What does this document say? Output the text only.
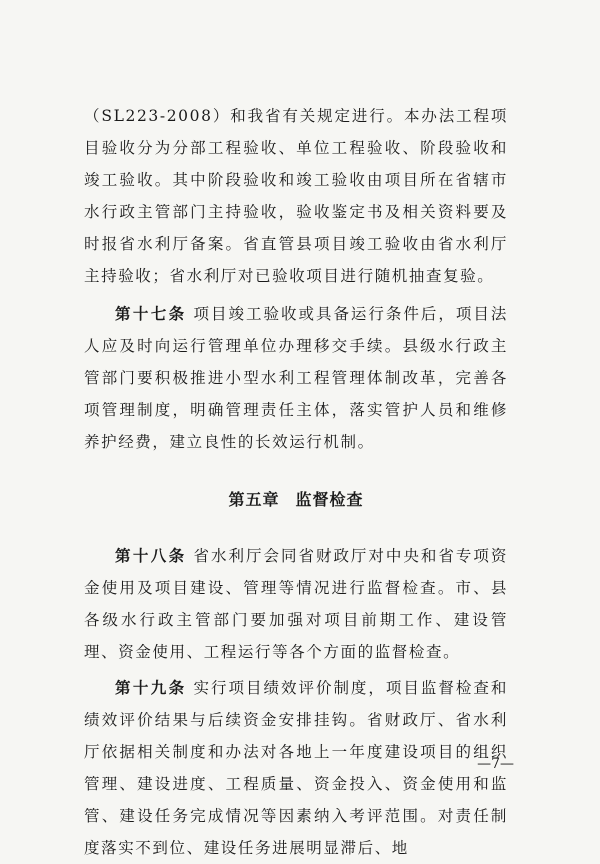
（SL223-2008）和我省有关规定进行。本办法工程项目验收分为分部工程验收、单位工程验收、阶段验收和竣工验收。其中阶段验收和竣工验收由项目所在省辖市水行政主管部门主持验收，验收鉴定书及相关资料要及时报省水利厅备案。省直管县项目竣工验收由省水利厅主持验收；省水利厅对已验收项目进行随机抽查复验。

第十七条 项目竣工验收或具备运行条件后，项目法人应及时向运行管理单位办理移交手续。县级水行政主管部门要积极推进小型水利工程管理体制改革，完善各项管理制度，明确管理责任主体，落实管护人员和维修养护经费，建立良性的长效运行机制。

第五章 监督检查

第十八条 省水利厅会同省财政厅对中央和省专项资金使用及项目建设、管理等情况进行监督检查。市、县各级水行政主管部门要加强对项目前期工作、建设管理、资金使用、工程运行等各个方面的监督检查。

第十九条 实行项目绩效评价制度，项目监督检查和绩效评价结果与后续资金安排挂钩。省财政厅、省水利厅依据相关制度和办法对各地上一年度建设项目的组织管理、建设进度、工程质量、资金投入、资金使用和监管、建设任务完成情况等因素纳入考评范围。对责任制度落实不到位、建设任务进展明显滞后、地

—7—
